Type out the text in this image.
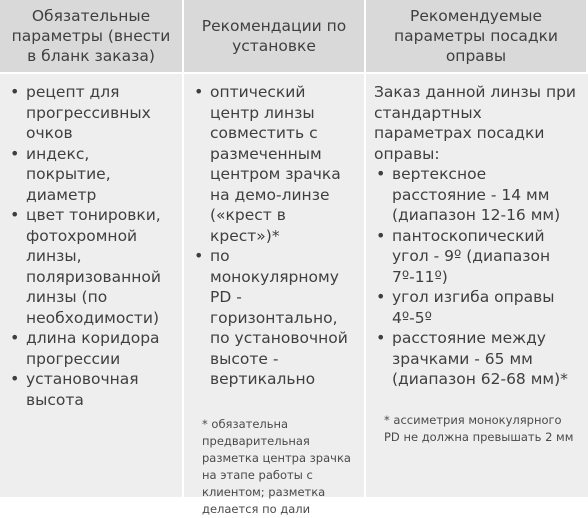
Обязательные параметры (внести в бланк заказа)
Рекомендации по установке
Рекомендуемые параметры посадки оправы
• рецепт для прогрессивных очков
• индекс, покрытие, диаметр
• цвет тонировки, фотохромной линзы, поляризованной линзы (по необходимости)
• длина коридора прогрессии
• установочная высота
• оптический центр линзы совместить с размеченным центром зрачка на демо-линзе («крест в крест»)*
• по монокулярному PD - горизонтально, по установочной высоте - вертикально
* обязательна предварительная разметка центра зрачка на этапе работы с клиентом; разметка делается по дали
Заказ данной линзы при стандартных параметрах посадки оправы:
• вертексное расстояние - 14 мм (диапазон 12-16 мм)
• пантоскопический угол - 9º (диапазон 7º-11º)
• угол изгиба оправы 4º-5º
• расстояние между зрачками - 65 мм (диапазон 62-68 мм)*
* ассиметрия монокулярного PD не должна превышать 2 мм
